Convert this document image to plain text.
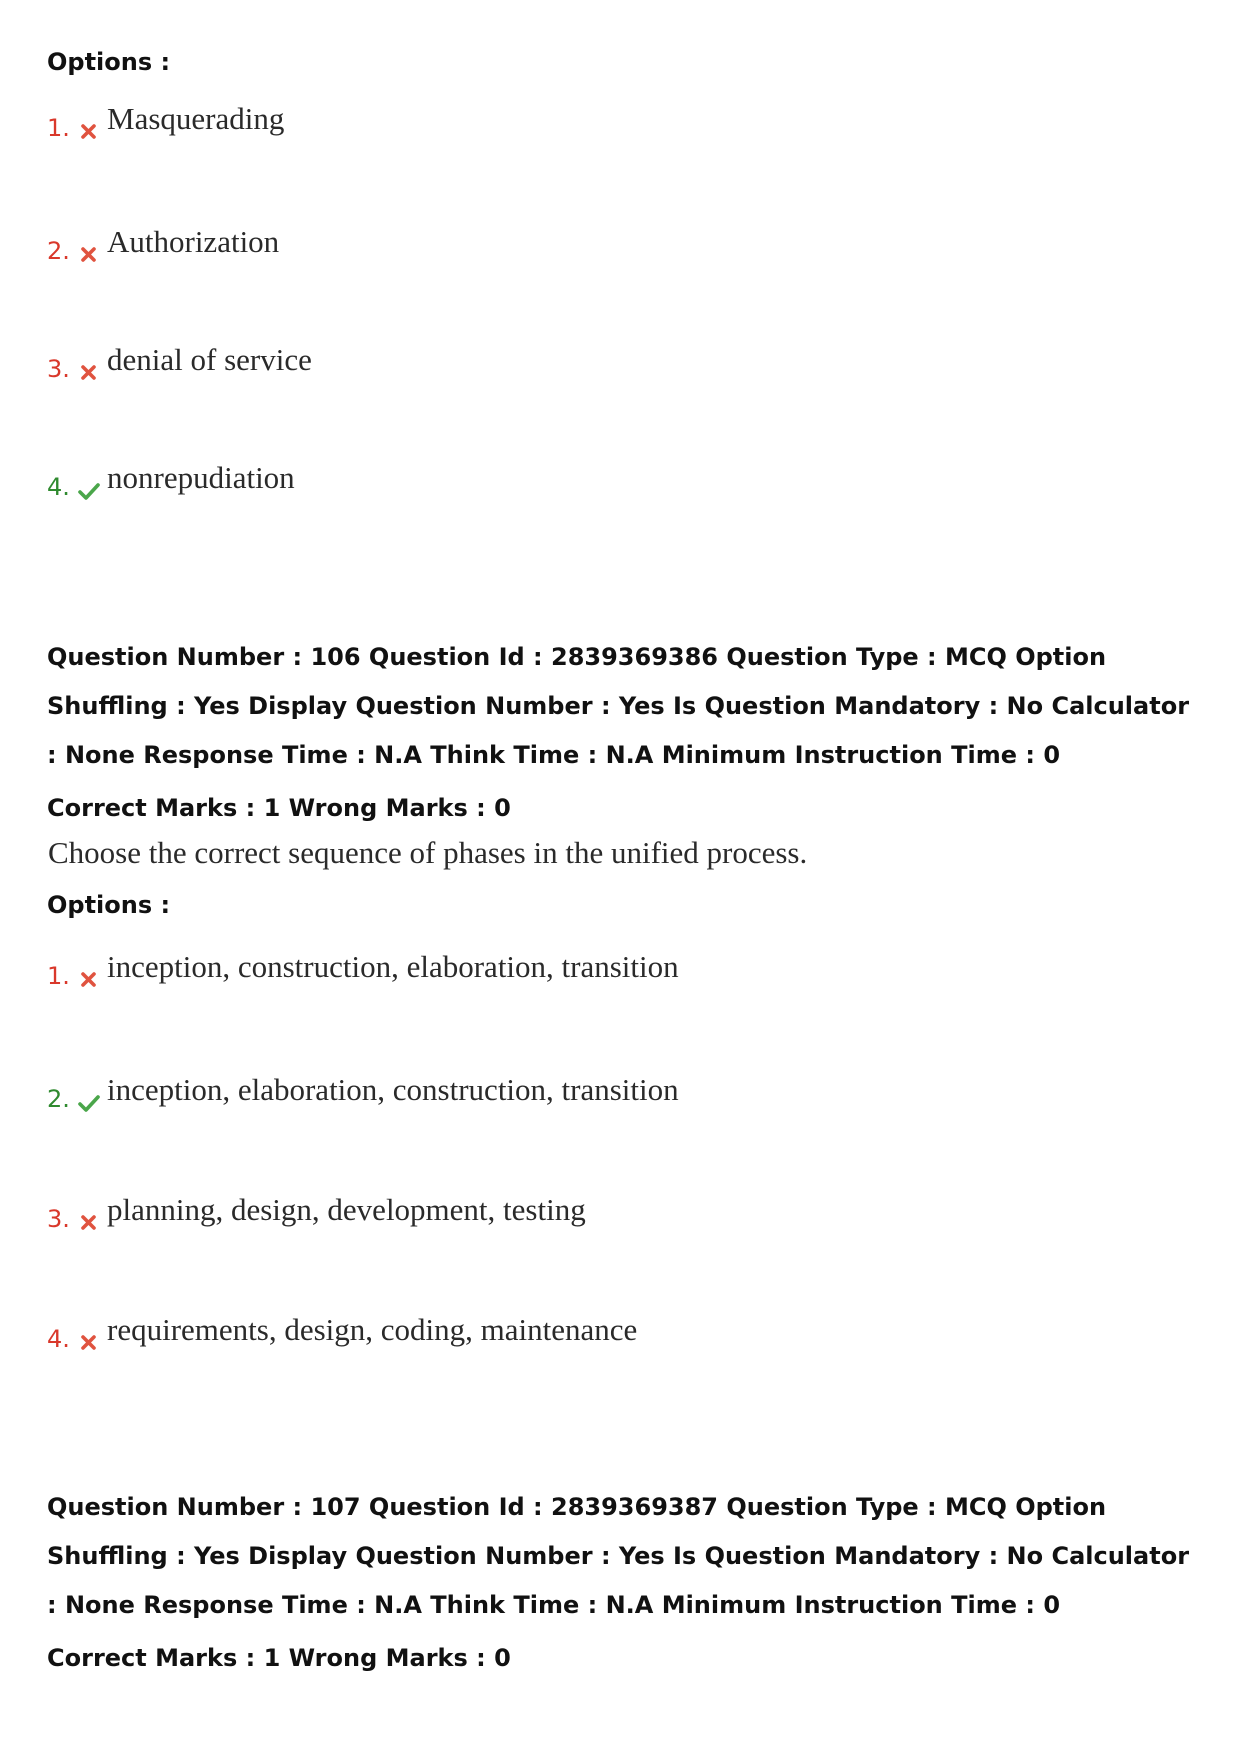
Options :
1. Masquerading
2. Authorization
3. denial of service
4. nonrepudiation
Question Number : 106 Question Id : 2839369386 Question Type : MCQ Option Shuffling : Yes Display Question Number : Yes Is Question Mandatory : No Calculator : None Response Time : N.A Think Time : N.A Minimum Instruction Time : 0
Correct Marks : 1 Wrong Marks : 0
Choose the correct sequence of phases in the unified process.
Options :
1. inception, construction, elaboration, transition
2. inception, elaboration, construction, transition
3. planning, design, development, testing
4. requirements, design, coding, maintenance
Question Number : 107 Question Id : 2839369387 Question Type : MCQ Option Shuffling : Yes Display Question Number : Yes Is Question Mandatory : No Calculator : None Response Time : N.A Think Time : N.A Minimum Instruction Time : 0
Correct Marks : 1 Wrong Marks : 0
